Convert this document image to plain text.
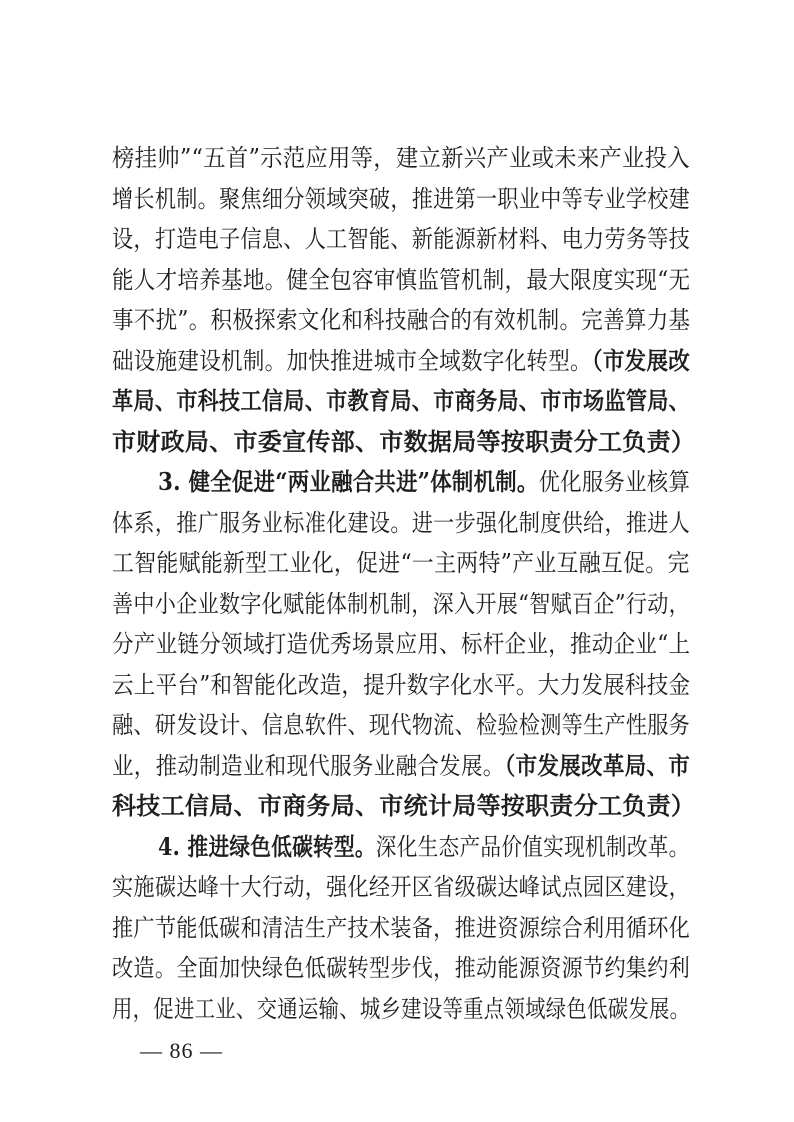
榜挂帅”“五首”示范应用等，建立新兴产业或未来产业投入
增长机制。聚焦细分领域突破，推进第一职业中等专业学校建
设，打造电子信息、人工智能、新能源新材料、电力劳务等技
能人才培养基地。健全包容审慎监管机制，最大限度实现“无
事不扰”。积极探索文化和科技融合的有效机制。完善算力基
础设施建设机制。加快推进城市全域数字化转型。（市发展改
革局、市科技工信局、市教育局、市商务局、市市场监管局、
市财政局、市委宣传部、市数据局等按职责分工负责）
3. 健全促进“两业融合共进”体制机制。优化服务业核算
体系，推广服务业标准化建设。进一步强化制度供给，推进人
工智能赋能新型工业化，促进“一主两特”产业互融互促。完
善中小企业数字化赋能体制机制，深入开展“智赋百企”行动，
分产业链分领域打造优秀场景应用、标杆企业，推动企业“上
云上平台”和智能化改造，提升数字化水平。大力发展科技金
融、研发设计、信息软件、现代物流、检验检测等生产性服务
业，推动制造业和现代服务业融合发展。（市发展改革局、市
科技工信局、市商务局、市统计局等按职责分工负责）
4. 推进绿色低碳转型。深化生态产品价值实现机制改革。
实施碳达峰十大行动，强化经开区省级碳达峰试点园区建设，
推广节能低碳和清洁生产技术装备，推进资源综合利用循环化
改造。全面加快绿色低碳转型步伐，推动能源资源节约集约利
用，促进工业、交通运输、城乡建设等重点领域绿色低碳发展。
— 86 —
